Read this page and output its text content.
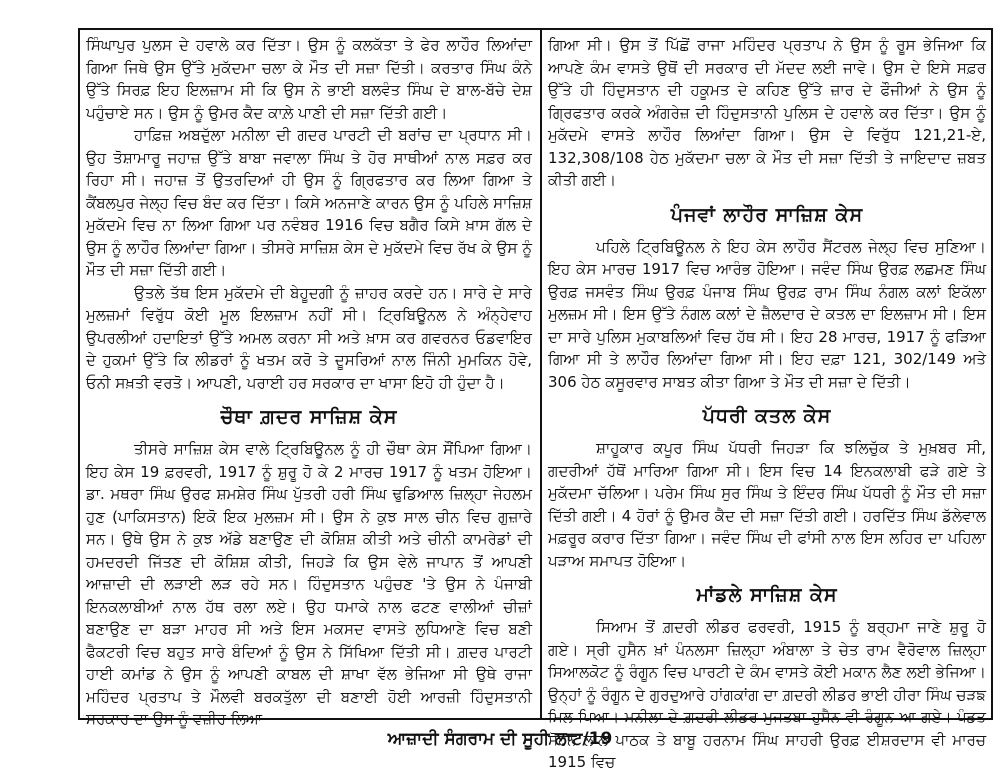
ਸਿੰਘਾਪੁਰ ਪੁਲਸ ਦੇ ਹਵਾਲੇ ਕਰ ਦਿੱਤਾ। ਉਸ ਨੂੰ ਕਲਕੱਤਾ ਤੇ ਫੇਰ ਲਾਹੌਰ ਲਿਆਂਦਾ ਗਿਆ ਜਿਥੇ ਉਸ ਉੱਤੇ ਮੁਕੱਦਮਾ ਚਲਾ ਕੇ ਮੌਤ ਦੀ ਸਜ਼ਾ ਦਿੱਤੀ। ਕਰਤਾਰ ਸਿੰਘ ਕੰਨੇ ਉੱਤੇ ਸਿਰਫ਼ ਇਹ ਇਲਜ਼ਾਮ ਸੀ ਕਿ ਉਸ ਨੇ ਭਾਈ ਬਲਵੰਤ ਸਿੰਘ ਦੇ ਬਾਲ-ਬੱਚੇ ਦੇਸ਼ ਪਹੁੰਚਾਏ ਸਨ। ਉਸ ਨੂੰ ਉਮਰ ਕੈਦ ਕਾਲ਼ੇ ਪਾਣੀ ਦੀ ਸਜ਼ਾ ਦਿੱਤੀ ਗਈ।

ਹਾਫ਼ਿਜ਼ ਅਬਦੁੱਲਾ ਮਨੀਲਾ ਦੀ ਗਦਰ ਪਾਰਟੀ ਦੀ ਬਰਾਂਚ ਦਾ ਪ੍ਰਧਾਨ ਸੀ। ਉਹ ਤੋਸ਼ਾਮਾਰੂ ਜਹਾਜ਼ ਉੱਤੇ ਬਾਬਾ ਜਵਾਲਾ ਸਿੰਘ ਤੇ ਹੋਰ ਸਾਥੀਆਂ ਨਾਲ ਸਫ਼ਰ ਕਰ ਰਿਹਾ ਸੀ। ਜਹਾਜ਼ ਤੋਂ ਉਤਰਦਿਆਂ ਹੀ ਉਸ ਨੂੰ ਗ੍ਰਿਫਤਾਰ ਕਰ ਲਿਆ ਗਿਆ ਤੇ ਕੈਂਬਲਪੁਰ ਜੇਲ੍ਹ ਵਿਚ ਬੰਦ ਕਰ ਦਿੱਤਾ। ਕਿਸੇ ਅਨਜਾਣੇ ਕਾਰਨ ਉਸ ਨੂੰ ਪਹਿਲੇ ਸਾਜ਼ਿਸ਼ ਮੁਕੱਦਮੇ ਵਿਚ ਨਾ ਲਿਆ ਗਿਆ ਪਰ ਨਵੰਬਰ 1916 ਵਿਚ ਬਗੈਰ ਕਿਸੇ ਖ਼ਾਸ ਗੱਲ ਦੇ ਉਸ ਨੂੰ ਲਾਹੌਰ ਲਿਆਂਦਾ ਗਿਆ। ਤੀਸਰੇ ਸਾਜ਼ਿਸ਼ ਕੇਸ ਦੇ ਮੁਕੱਦਮੇ ਵਿਚ ਰੱਖ ਕੇ ਉਸ ਨੂੰ ਮੌਤ ਦੀ ਸਜ਼ਾ ਦਿੱਤੀ ਗਈ।

ਉਤਲੇ ਤੱਥ ਇਸ ਮੁਕੱਦਮੇ ਦੀ ਬੇਹੂਦਗੀ ਨੂੰ ਜ਼ਾਹਰ ਕਰਦੇ ਹਨ। ਸਾਰੇ ਦੇ ਸਾਰੇ ਮੁਲਜ਼ਮਾਂ ਵਿਰੁੱਧ ਕੋਈ ਮੂਲ ਇਲਜ਼ਾਮ ਨਹੀਂ ਸੀ। ਟ੍ਰਿਬਿਊਨਲ ਨੇ ਅੰਨ੍ਹੇਵਾਹ ਉਪਰਲੀਆਂ ਹਦਾਇਤਾਂ ਉੱਤੇ ਅਮਲ ਕਰਨਾ ਸੀ ਅਤੇ ਖ਼ਾਸ ਕਰ ਗਵਰਨਰ ਓਡਵਾਇਰ ਦੇ ਹੁਕਮਾਂ ਉੱਤੇ ਕਿ ਲੀਡਰਾਂ ਨੂੰ ਖਤਮ ਕਰੋ ਤੇ ਦੂਸਰਿਆਂ ਨਾਲ ਜਿੰਨੀ ਮੁਮਕਿਨ ਹੋਵੇ, ਓਨੀ ਸਖ਼ਤੀ ਵਰਤੋ। ਆਪਣੀ, ਪਰਾਈ ਹਰ ਸਰਕਾਰ ਦਾ ਖਾਸਾ ਇਹੋ ਹੀ ਹੁੰਦਾ ਹੈ।

ਚੌਥਾ ਗ਼ਦਰ ਸਾਜ਼ਿਸ਼ ਕੇਸ

ਤੀਸਰੇ ਸਾਜ਼ਿਸ਼ ਕੇਸ ਵਾਲੇ ਟ੍ਰਿਬਿਊਨਲ ਨੂੰ ਹੀ ਚੌਥਾ ਕੇਸ ਸੌਂਪਿਆ ਗਿਆ। ਇਹ ਕੇਸ 19 ਫ਼ਰਵਰੀ, 1917 ਨੂੰ ਸ਼ੁਰੂ ਹੋ ਕੇ 2 ਮਾਰਚ 1917 ਨੂੰ ਖਤਮ ਹੋਇਆ। ਡਾ. ਮਥਰਾ ਸਿੰਘ ਉਰਫ ਸ਼ਮਸ਼ੇਰ ਸਿੰਘ ਪੁੱਤਰੀ ਹਰੀ ਸਿੰਘ ਢੁਡਿਆਲ ਜ਼ਿਲ੍ਹਾ ਜੇਹਲਮ ਹੁਣ (ਪਾਕਿਸਤਾਨ) ਇਕੋ ਇਕ ਮੁਲਜ਼ਮ ਸੀ। ਉਸ ਨੇ ਕੁਝ ਸਾਲ ਚੀਨ ਵਿਚ ਗੁਜ਼ਾਰੇ ਸਨ। ਉਥੇ ਉਸ ਨੇ ਕੁਝ ਅੱਡੇ ਬਣਾਉਣ ਦੀ ਕੋਸ਼ਿਸ਼ ਕੀਤੀ ਅਤੇ ਚੀਨੀ ਕਾਮਰੇਡਾਂ ਦੀ ਹਮਦਰਦੀ ਜਿੱਤਣ ਦੀ ਕੋਸ਼ਿਸ਼ ਕੀਤੀ, ਜਿਹੜੇ ਕਿ ਉਸ ਵੇਲੇ ਜਾਪਾਨ ਤੋਂ ਆਪਣੀ ਆਜ਼ਾਦੀ ਦੀ ਲੜਾਈ ਲੜ ਰਹੇ ਸਨ। ਹਿੰਦੁਸਤਾਨ ਪਹੁੰਚਣ 'ਤੇ ਉਸ ਨੇ ਪੰਜਾਬੀ ਇਨਕਲਾਬੀਆਂ ਨਾਲ ਹੱਥ ਰਲਾ ਲਏ। ਉਹ ਧਮਾਕੇ ਨਾਲ ਫਟਣ ਵਾਲੀਆਂ ਚੀਜ਼ਾਂ ਬਣਾਉਣ ਦਾ ਬੜਾ ਮਾਹਰ ਸੀ ਅਤੇ ਇਸ ਮਕਸਦ ਵਾਸਤੇ ਲੁਧਿਆਣੇ ਵਿਚ ਬਣੀ ਫੈਕਟਰੀ ਵਿਚ ਬਹੁਤ ਸਾਰੇ ਬੰਦਿਆਂ ਨੂੰ ਉਸ ਨੇ ਸਿੱਖਿਆ ਦਿੱਤੀ ਸੀ। ਗ਼ਦਰ ਪਾਰਟੀ ਹਾਈ ਕਮਾਂਡ ਨੇ ਉਸ ਨੂੰ ਆਪਣੀ ਕਾਬਲ ਦੀ ਸ਼ਾਖਾ ਵੱਲ ਭੇਜਿਆ ਸੀ ਉਥੇ ਰਾਜਾ ਮਹਿੰਦਰ ਪ੍ਰਤਾਪ ਤੇ ਮੌਲਵੀ ਬਰਕਤੁੱਲਾ ਦੀ ਬਣਾਈ ਹੋਈ ਆਰਜ਼ੀ ਹਿੰਦੁਸਤਾਨੀ ਸਰਕਾਰ ਦਾ ਉਸ ਨੂੰ ਵਜ਼ੀਰ ਲਿਆ

ਗਿਆ ਸੀ। ਉਸ ਤੋਂ ਪਿੱਛੋਂ ਰਾਜਾ ਮਹਿੰਦਰ ਪ੍ਰਤਾਪ ਨੇ ਉਸ ਨੂੰ ਰੂਸ ਭੇਜਿਆ ਕਿ ਆਪਣੇ ਕੰਮ ਵਾਸਤੇ ਉਥੋਂ ਦੀ ਸਰਕਾਰ ਦੀ ਮੱਦਦ ਲਈ ਜਾਵੇ। ਉਸ ਦੇ ਇਸੇ ਸਫ਼ਰ ਉੱਤੇ ਹੀ ਹਿੰਦੁਸਤਾਨ ਦੀ ਹਕੂਮਤ ਦੇ ਕਹਿਣ ਉੱਤੇ ਜ਼ਾਰ ਦੇ ਫੌਜੀਆਂ ਨੇ ਉਸ ਨੂੰ ਗ੍ਰਿਫਤਾਰ ਕਰਕੇ ਅੰਗਰੇਜ਼ ਦੀ ਹਿੰਦੁਸਤਾਨੀ ਪੁਲਿਸ ਦੇ ਹਵਾਲੇ ਕਰ ਦਿੱਤਾ। ਉਸ ਨੂੰ ਮੁਕੱਦਮੇ ਵਾਸਤੇ ਲਾਹੌਰ ਲਿਆਂਦਾ ਗਿਆ। ਉਸ ਦੇ ਵਿਰੁੱਧ 121,21-ਏ, 132,308/108 ਹੇਠ ਮੁਕੱਦਮਾ ਚਲਾ ਕੇ ਮੌਤ ਦੀ ਸਜ਼ਾ ਦਿੱਤੀ ਤੇ ਜਾਇਦਾਦ ਜ਼ਬਤ ਕੀਤੀ ਗਈ।

ਪੰਜਵਾਂ ਲਾਹੌਰ ਸਾਜ਼ਿਸ਼ ਕੇਸ

ਪਹਿਲੇ ਟ੍ਰਿਬਿਊਨਲ ਨੇ ਇਹ ਕੇਸ ਲਾਹੌਰ ਸੈਂਟਰਲ ਜੇਲ੍ਹ ਵਿਚ ਸੁਣਿਆ। ਇਹ ਕੇਸ ਮਾਰਚ 1917 ਵਿਚ ਆਰੰਭ ਹੋਇਆ। ਜਵੰਦ ਸਿੰਘ ਉਰਫ਼ ਲਛਮਣ ਸਿੰਘ ਉਰਫ਼ ਜਸਵੰਤ ਸਿੰਘ ਉਰਫ਼ ਪੰਜਾਬ ਸਿੰਘ ਉਰਫ਼ ਰਾਮ ਸਿੰਘ ਨੰਗਲ ਕਲਾਂ ਇਕੱਲਾ ਮੁਲਜ਼ਮ ਸੀ। ਇਸ ਉੱਤੇ ਨੰਗਲ ਕਲਾਂ ਦੇ ਜ਼ੈਲਦਾਰ ਦੇ ਕਤਲ ਦਾ ਇਲਜ਼ਾਮ ਸੀ। ਇਸ ਦਾ ਸਾਰੇ ਪੁਲਿਸ ਮੁਕਾਬਲਿਆਂ ਵਿਚ ਹੱਥ ਸੀ। ਇਹ 28 ਮਾਰਚ, 1917 ਨੂੰ ਫੜਿਆ ਗਿਆ ਸੀ ਤੇ ਲਾਹੌਰ ਲਿਆਂਦਾ ਗਿਆ ਸੀ। ਇਹ ਦਫ਼ਾ 121, 302/149 ਅਤੇ 306 ਹੇਠ ਕਸੂਰਵਾਰ ਸਾਬਤ ਕੀਤਾ ਗਿਆ ਤੇ ਮੌਤ ਦੀ ਸਜ਼ਾ ਦੇ ਦਿੱਤੀ।

ਪੱਧਰੀ ਕਤਲ ਕੇਸ

ਸ਼ਾਹੂਕਾਰ ਕਪੂਰ ਸਿੰਘ ਪੱਧਰੀ ਜਿਹੜਾ ਕਿ ਝਲਿਚੁੱਕ ਤੇ ਮੁਖ਼ਬਰ ਸੀ, ਗਦਰੀਆਂ ਹੱਥੋਂ ਮਾਰਿਆ ਗਿਆ ਸੀ। ਇਸ ਵਿਚ 14 ਇਨਕਲਾਬੀ ਫੜੇ ਗਏ ਤੇ ਮੁਕੱਦਮਾ ਚੱਲਿਆ। ਪਰੇਮ ਸਿੰਘ ਸੁਰ ਸਿੰਘ ਤੇ ਇੰਦਰ ਸਿੰਘ ਪੱਧਰੀ ਨੂੰ ਮੌਤ ਦੀ ਸਜ਼ਾ ਦਿੱਤੀ ਗਈ। 4 ਹੋਰਾਂ ਨੂੰ ਉਮਰ ਕੈਦ ਦੀ ਸਜ਼ਾ ਦਿੱਤੀ ਗਈ। ਹਰਦਿੱਤ ਸਿੰਘ ਡੱਲੇਵਾਲ ਮਫ਼ਰੂਰ ਕਰਾਰ ਦਿੱਤਾ ਗਿਆ। ਜਵੰਦ ਸਿੰਘ ਦੀ ਫਾਂਸੀ ਨਾਲ ਇਸ ਲਹਿਰ ਦਾ ਪਹਿਲਾ ਪੜਾਅ ਸਮਾਪਤ ਹੋਇਆ।

ਮਾਂਡਲੇ ਸਾਜ਼ਿਸ਼ ਕੇਸ

ਸਿਆਮ ਤੋਂ ਗ਼ਦਰੀ ਲੀਡਰ ਫਰਵਰੀ, 1915 ਨੂੰ ਬਰ੍ਹਮਾ ਜਾਣੇ ਸ਼ੁਰੂ ਹੋ ਗਏ। ਸ੍ਰੀ ਹੁਸੈਨ ਖ਼ਾਂ ਪੰਨਲਸਾ ਜ਼ਿਲ੍ਹਾ ਅੰਬਾਲਾ ਤੇ ਚੇਤ ਰਾਮ ਵੈਰੋਵਾਲ ਜ਼ਿਲ੍ਹਾ ਸਿਆਲਕੋਟ ਨੂੰ ਰੰਗੂਨ ਵਿਚ ਪਾਰਟੀ ਦੇ ਕੰਮ ਵਾਸਤੇ ਕੋਈ ਮਕਾਨ ਲੈਣ ਲਈ ਭੇਜਿਆ। ਉਨ੍ਹਾਂ ਨੂੰ ਰੰਗੂਨ ਦੇ ਗੁਰਦੁਆਰੇ ਹਾਂਗਕਾਂਗ ਦਾ ਗ਼ਦਰੀ ਲੀਡਰ ਭਾਈ ਹੀਰਾ ਸਿੰਘ ਚੜਙ ਮਿਲ ਪਿਆ। ਮਨੀਲਾ ਦੇ ਗ਼ਦਰੀ ਲੀਡਰ ਮੁਜਤਬਾ ਹੁਸੈਨ ਵੀ ਰੰਗੂਨ ਆ ਗਏ। ਪੰਡਤ ਸੋਹਨ ਲਾਲ ਪਾਠਕ ਤੇ ਬਾਬੂ ਹਰਨਾਮ ਸਿੰਘ ਸਾਹਰੀ ਉਰਫ਼ ਈਸ਼ਰਦਾਸ ਵੀ ਮਾਰਚ 1915 ਵਿਚ

ਆਜ਼ਾਦੀ ਸੰਗਰਾਮ ਦੀ ਸੂਹੀ ਲਾਟ/19
